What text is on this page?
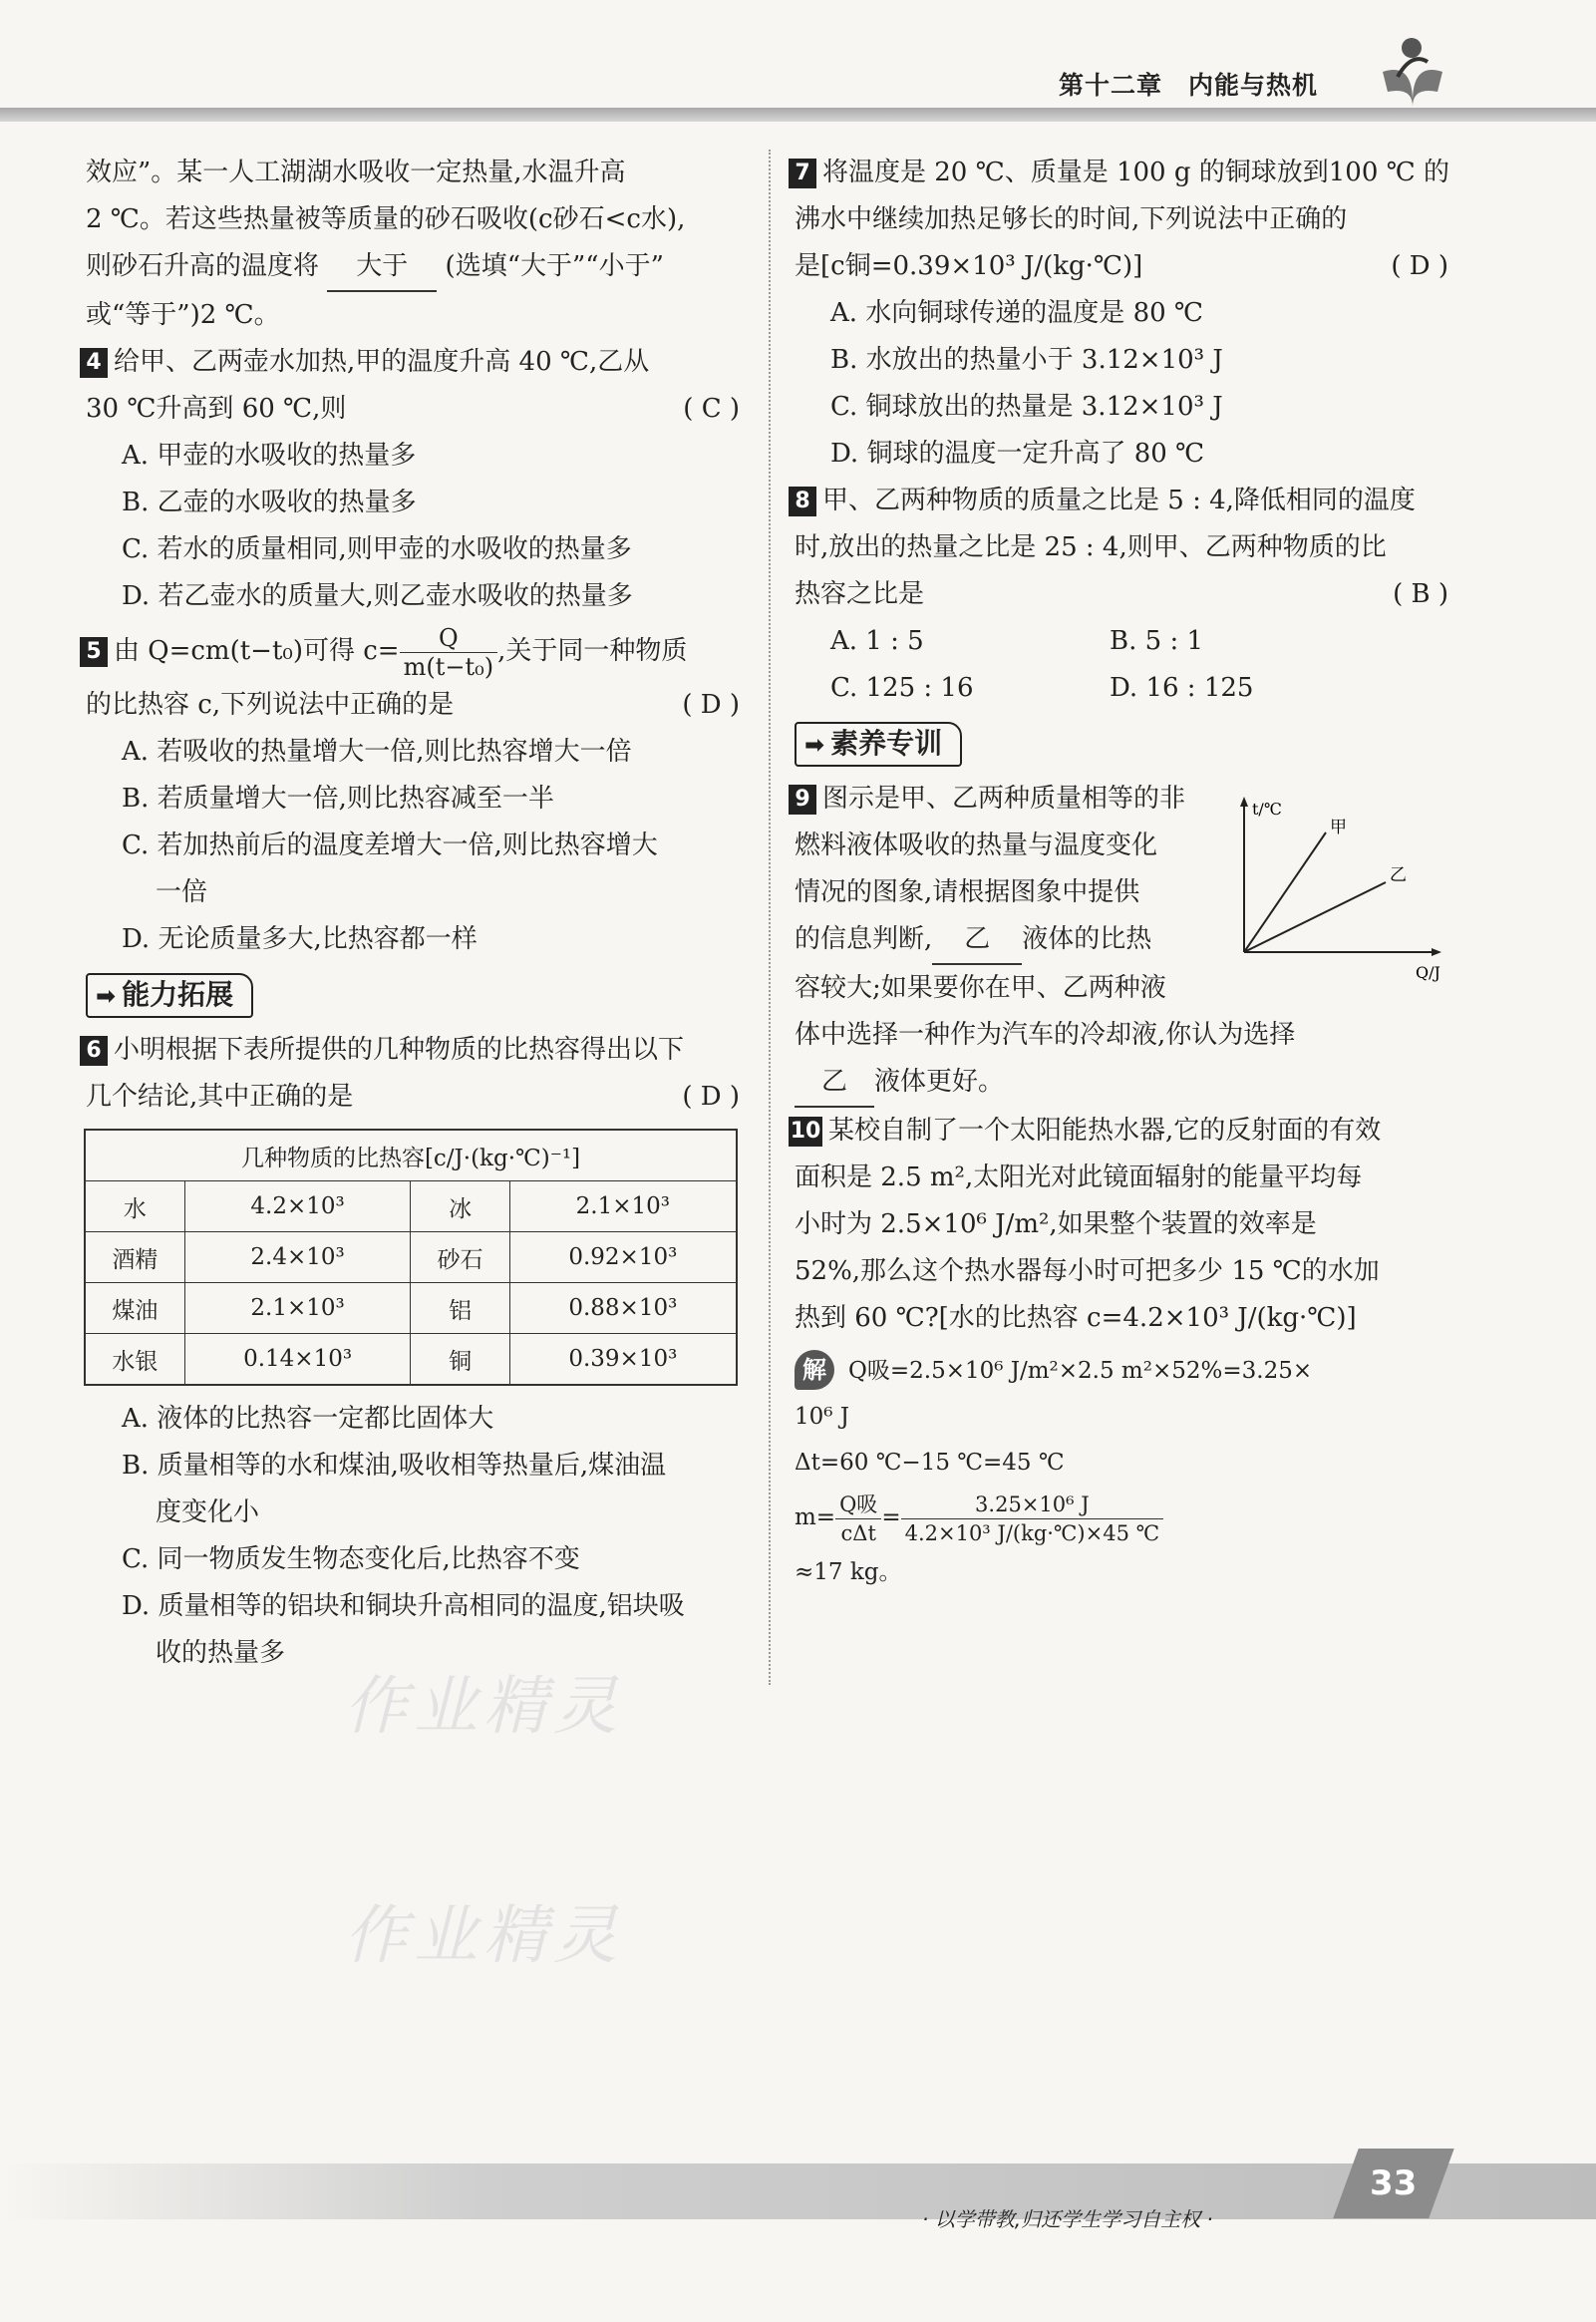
第十二章　内能与热机
效应”。某一人工湖湖水吸收一定热量,水温升高
2 ℃。若这些热量被等质量的砂石吸收(c砂石<c水),
则砂石升高的温度将 大于 (选填“大于”“小于”
或“等于”)2 ℃。
4 给甲、乙两壶水加热,甲的温度升高 40 ℃,乙从
30 ℃升高到 60 ℃,则	( C )
A. 甲壶的水吸收的热量多
B. 乙壶的水吸收的热量多
C. 若水的质量相同,则甲壶的水吸收的热量多
D. 若乙壶水的质量大,则乙壶水吸收的热量多
5 由 Q=cm(t−t₀)可得 $c= \frac{Q}{\text{m(t−t₀)}}$ ,关于同一种物质
的比热容 c,下列说法中正确的是	( D )
A. 若吸收的热量增大一倍,则比热容增大一倍
B. 若质量增大一倍,则比热容减至一半
C. 若加热前后的温度差增大一倍,则比热容增大
一倍
D. 无论质量多大,比热容都一样
➡ 能力拓展
6 小明根据下表所提供的几种物质的比热容得出以下
几个结论,其中正确的是	( D )
几种物质的比热容[c/J·(kg·℃)⁻¹]			
水	4.2×10³	冰	2.1×10³
酒精	2.4×10³	砂石	0.92×10³
煤油	2.1×10³	铝	0.88×10³
水银	0.14×10³	铜	0.39×10³
A. 液体的比热容一定都比固体大
B. 质量相等的水和煤油,吸收相等热量后,煤油温
度变化小
C. 同一物质发生物态变化后,比热容不变
D. 质量相等的铝块和铜块升高相同的温度,铝块吸
收的热量多
7 将温度是 20 ℃、质量是 100 g 的铜球放到100 ℃ 的
沸水中继续加热足够长的时间,下列说法中正确的
是[c铜=0.39×10³ J/(kg·℃)]	( D )
A. 水向铜球传递的温度是 80 ℃
B. 水放出的热量小于 3.12×10³ J
C. 铜球放出的热量是 3.12×10³ J
D. 铜球的温度一定升高了 80 ℃
8 甲、乙两种物质的质量之比是 5 : 4,降低相同的温度
时,放出的热量之比是 25 : 4,则甲、乙两种物质的比
热容之比是	( B )
A. 1 : 5	B. 5 : 1
C. 125 : 16	D. 16 : 125
➡ 素养专训
9 图示是甲、乙两种质量相等的非
燃料液体吸收的热量与温度变化
情况的图象,请根据图象中提供
的信息判断, 乙 液体的比热
容较大;如果要你在甲、乙两种液
体中选择一种作为汽车的冷却液,你认为选择
乙 液体更好。
10 某校自制了一个太阳能热水器,它的反射面的有效
面积是 2.5 m²,太阳光对此镜面辐射的能量平均每
小时为 2.5×10⁶ J/m²,如果整个装置的效率是
52%,那么这个热水器每小时可把多少 15 ℃的水加
热到 60 ℃?[水的比热容 c=4.2×10³ J/(kg·℃)]
解 Q吸=2.5×10⁶ J/m²×2.5 m²×52%=3.25×
10⁶ J
Δt=60 ℃−15 ℃=45 ℃
$m= \frac{\text{Q吸}}{\text{cΔt}} = \frac{\text{3.25×10⁶ J}}{\text{4.2×10³ J/(kg·℃)×45 ℃}}$
≈17 kg。
t/℃
Q/J
甲
乙
作业精灵
作业精灵
· 以学带教,归还学生学习自主权 ·
33
